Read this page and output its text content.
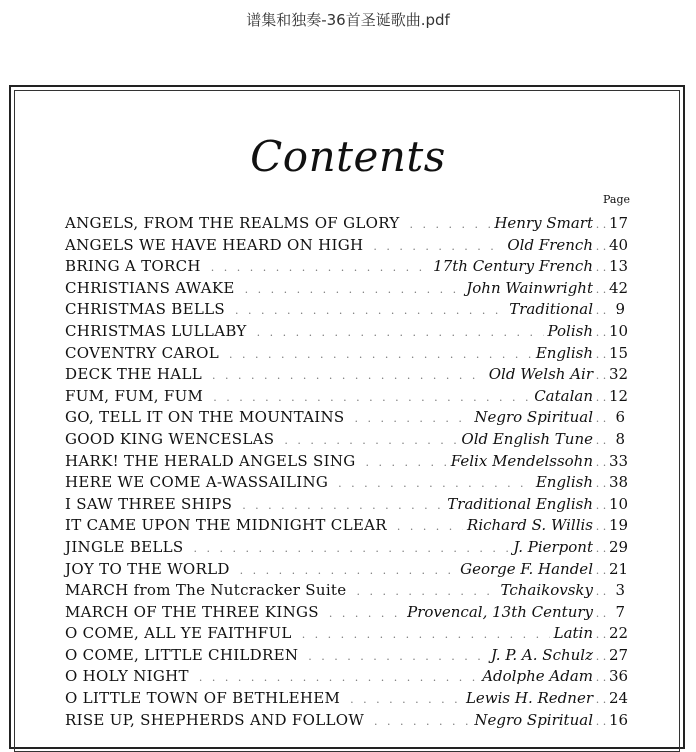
谱集和独奏-36首圣诞歌曲.pdf
Contents
Page
ANGELS, FROM THE REALMS OF GLORY . . .	Henry Smart . . 17
ANGELS WE HAVE HEARD ON HIGH . . .	Old French . . 40
BRING A TORCH . . .	17th Century French . . 13
CHRISTIANS AWAKE . . .	John Wainwright . . 42
CHRISTMAS BELLS . . .	Traditional . . 9
CHRISTMAS LULLABY . . .	Polish . . 10
COVENTRY CAROL . . .	English . . 15
DECK THE HALL . . .	Old Welsh Air . . 32
FUM, FUM, FUM . . .	Catalan . . 12
GO, TELL IT ON THE MOUNTAINS . . .	Negro Spiritual . . 6
GOOD KING WENCESLAS . . .	Old English Tune . . 8
HARK! THE HERALD ANGELS SING . . .	Felix Mendelssohn . . 33
HERE WE COME A-WASSAILING . . .	English . . 38
I SAW THREE SHIPS . . .	Traditional English . . 10
IT CAME UPON THE MIDNIGHT CLEAR . . .	Richard S. Willis . . 19
JINGLE BELLS . . .	J. Pierpont . . 29
JOY TO THE WORLD . . .	George F. Handel . . 21
MARCH from The Nutcracker Suite . . .	Tchaikovsky . . 3
MARCH OF THE THREE KINGS . . .	Provencal, 13th Century . . 7
O COME, ALL YE FAITHFUL . . .	Latin . . 22
O COME, LITTLE CHILDREN . . .	J. P. A. Schulz . . 27
O HOLY NIGHT . . .	Adolphe Adam . . 36
O LITTLE TOWN OF BETHLEHEM . . .	Lewis H. Redner . . 24
RISE UP, SHEPHERDS AND FOLLOW . . .	Negro Spiritual . . 16
